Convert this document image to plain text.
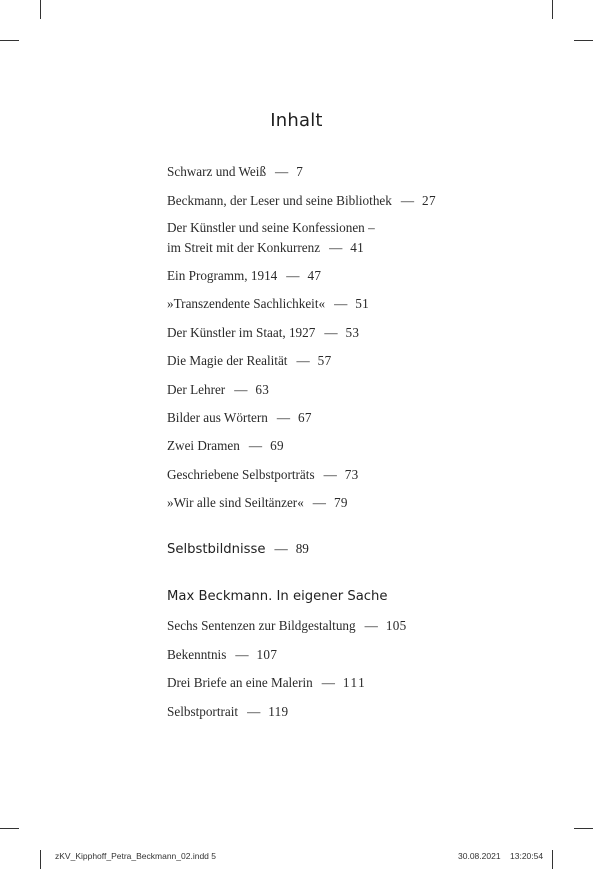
Inhalt
Schwarz und Weiß — 7
Beckmann, der Leser und seine Bibliothek — 27
Der Künstler und seine Konfessionen –
im Streit mit der Konkurrenz — 41
Ein Programm, 1914 — 47
»Transzendente Sachlichkeit« — 51
Der Künstler im Staat, 1927 — 53
Die Magie der Realität — 57
Der Lehrer — 63
Bilder aus Wörtern — 67
Zwei Dramen — 69
Geschriebene Selbstporträts — 73
»Wir alle sind Seiltänzer« — 79
Selbstbildnisse — 89
Max Beckmann. In eigener Sache
Sechs Sentenzen zur Bildgestaltung — 105
Bekenntnis — 107
Drei Briefe an eine Malerin — 111
Selbstportrait — 119
zKV_Kipphoff_Petra_Beckmann_02.indd 5	30.08.2021 13:20:54
